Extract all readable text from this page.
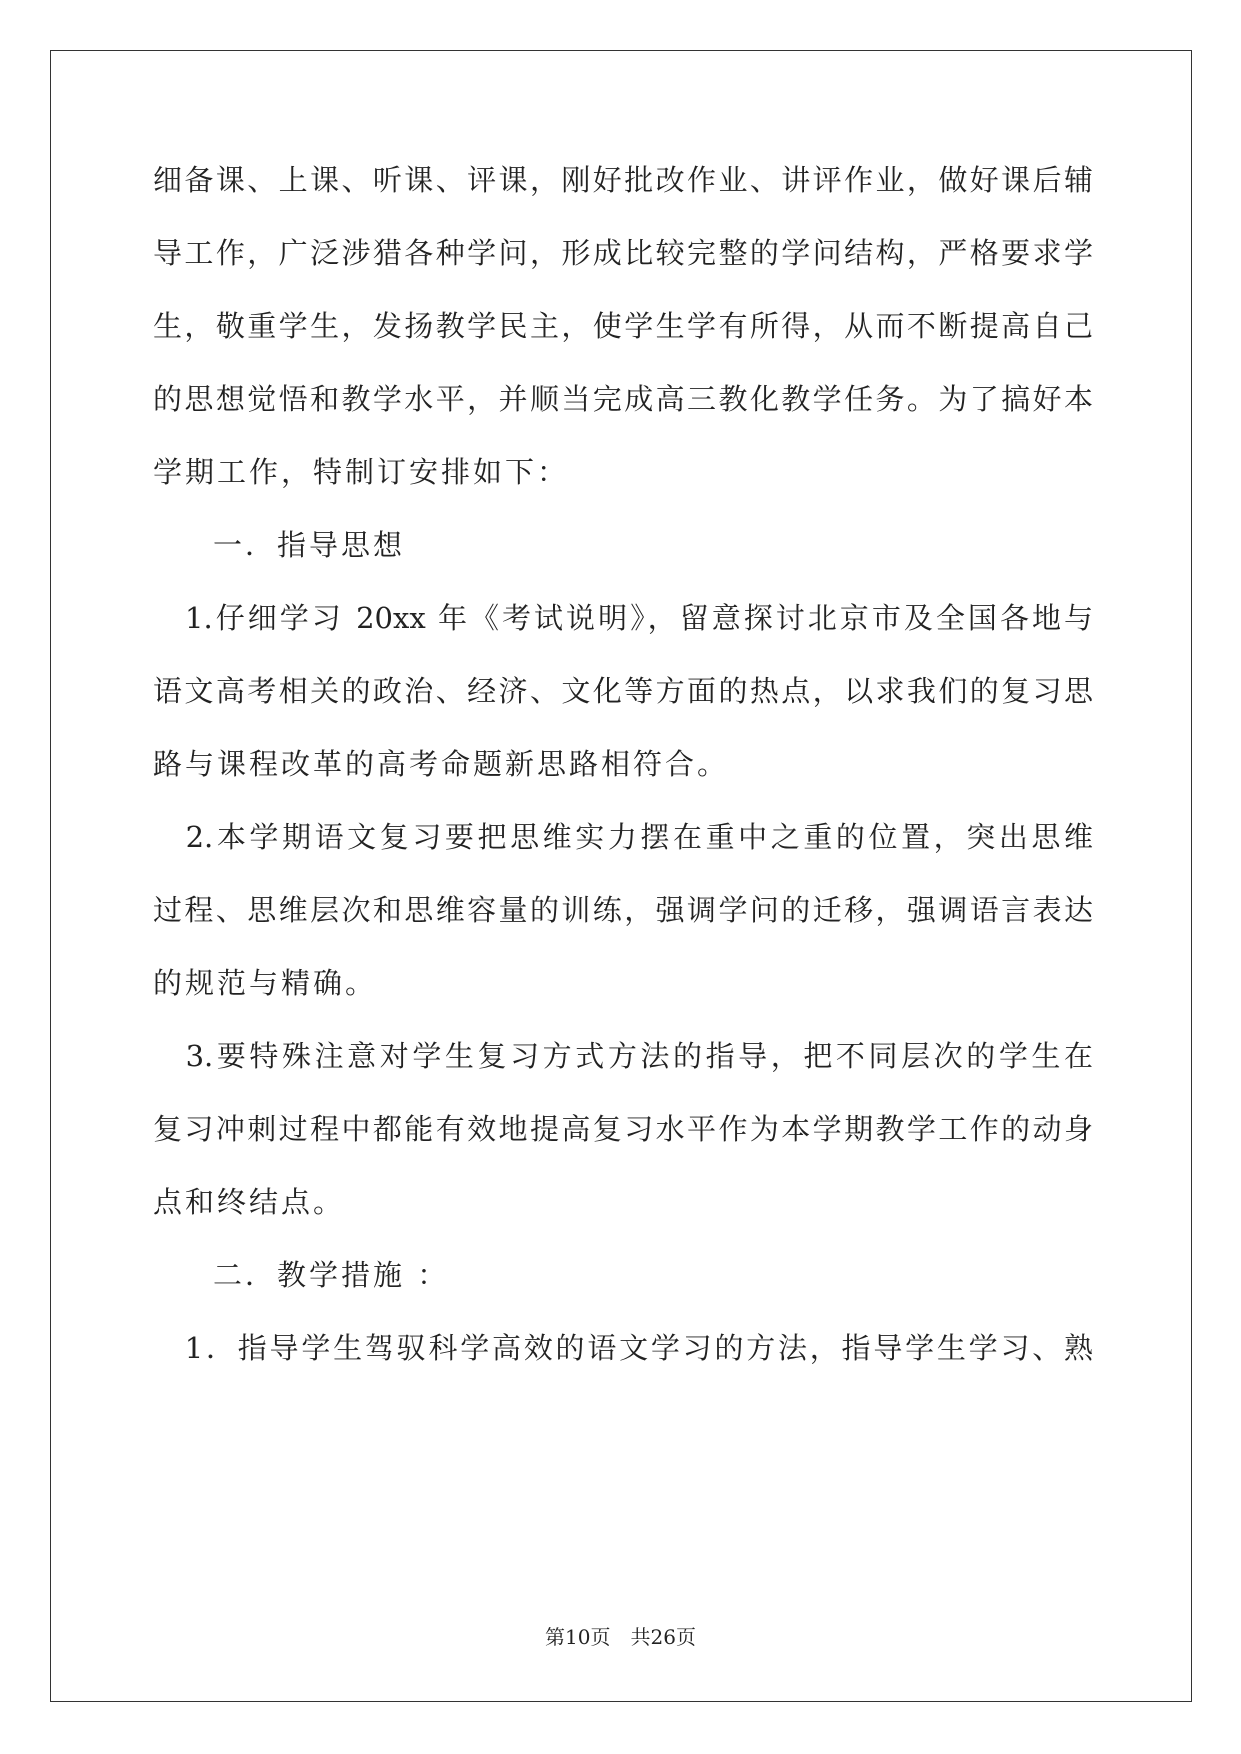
细备课、上课、听课、评课，刚好批改作业、讲评作业，做好课后辅
导工作，广泛涉猎各种学问，形成比较完整的学问结构，严格要求学
生，敬重学生，发扬教学民主，使学生学有所得，从而不断提高自己
的思想觉悟和教学水平，并顺当完成高三教化教学任务。为了搞好本
学期工作，特制订安排如下：
　一．指导思想
　1.仔细学习 20xx 年《考试说明》，留意探讨北京市及全国各地与
语文高考相关的政治、经济、文化等方面的热点，以求我们的复习思
路与课程改革的高考命题新思路相符合。
　2.本学期语文复习要把思维实力摆在重中之重的位置，突出思维
过程、思维层次和思维容量的训练，强调学问的迁移，强调语言表达
的规范与精确。
　3.要特殊注意对学生复习方式方法的指导，把不同层次的学生在
复习冲刺过程中都能有效地提高复习水平作为本学期教学工作的动身
点和终结点。
　二．教学措施 ：
　1．指导学生驾驭科学高效的语文学习的方法，指导学生学习、熟
第10页　共26页
